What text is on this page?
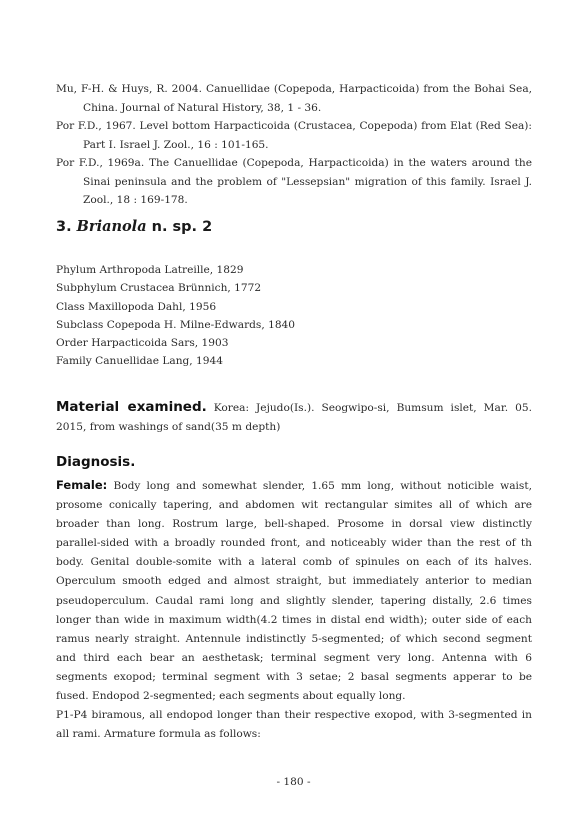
Mu, F-H. & Huys, R. 2004. Canuellidae (Copepoda, Harpacticoida) from the Bohai Sea, China. Journal of Natural History, 38, 1 - 36.

Por F.D., 1967. Level bottom Harpacticoida (Crustacea, Copepoda) from Elat (Red Sea): Part I. Israel J. Zool., 16 : 101-165.

Por F.D., 1969a. The Canuellidae (Copepoda, Harpacticoida) in the waters around the Sinai peninsula and the problem of "Lessepsian" migration of this family. Israel J. Zool., 18 : 169-178.

3. Brianola n. sp. 2
Phylum Arthropoda Latreille, 1829
Subphylum Crustacea Brünnich, 1772
Class Maxillopoda Dahl, 1956
Subclass Copepoda H. Milne-Edwards, 1840
Order Harpacticoida Sars, 1903
Family Canuellidae Lang, 1944
Material examined. Korea: Jejudo(Is.). Seogwipo-si, Bumsum islet, Mar. 05. 2015, from washings of sand(35 m depth)
Diagnosis.

Female: Body long and somewhat slender, 1.65 mm long, without noticible waist, prosome conically tapering, and abdomen wit rectangular simites all of which are broader than long. Rostrum large, bell-shaped. Prosome in dorsal view distinctly parallel-sided with a broadly rounded front, and noticeably wider than the rest of th body. Genital double-somite with a lateral comb of spinules on each of its halves. Operculum smooth edged and almost straight, but immediately anterior to median pseudoperculum. Caudal rami long and slightly slender, tapering distally, 2.6 times longer than wide in maximum width(4.2 times in distal end width); outer side of each ramus nearly straight. Antennule indistinctly 5-segmented; of which second segment and third each bear an aesthetask; terminal segment very long. Antenna with 6 segments exopod; terminal segment with 3 setae; 2 basal segments apperar to be fused. Endopod 2-segmented; each segments about equally long.

P1-P4 biramous, all endopod longer than their respective exopod, with 3-segmented in all rami. Armature formula as follows:

- 180 -
